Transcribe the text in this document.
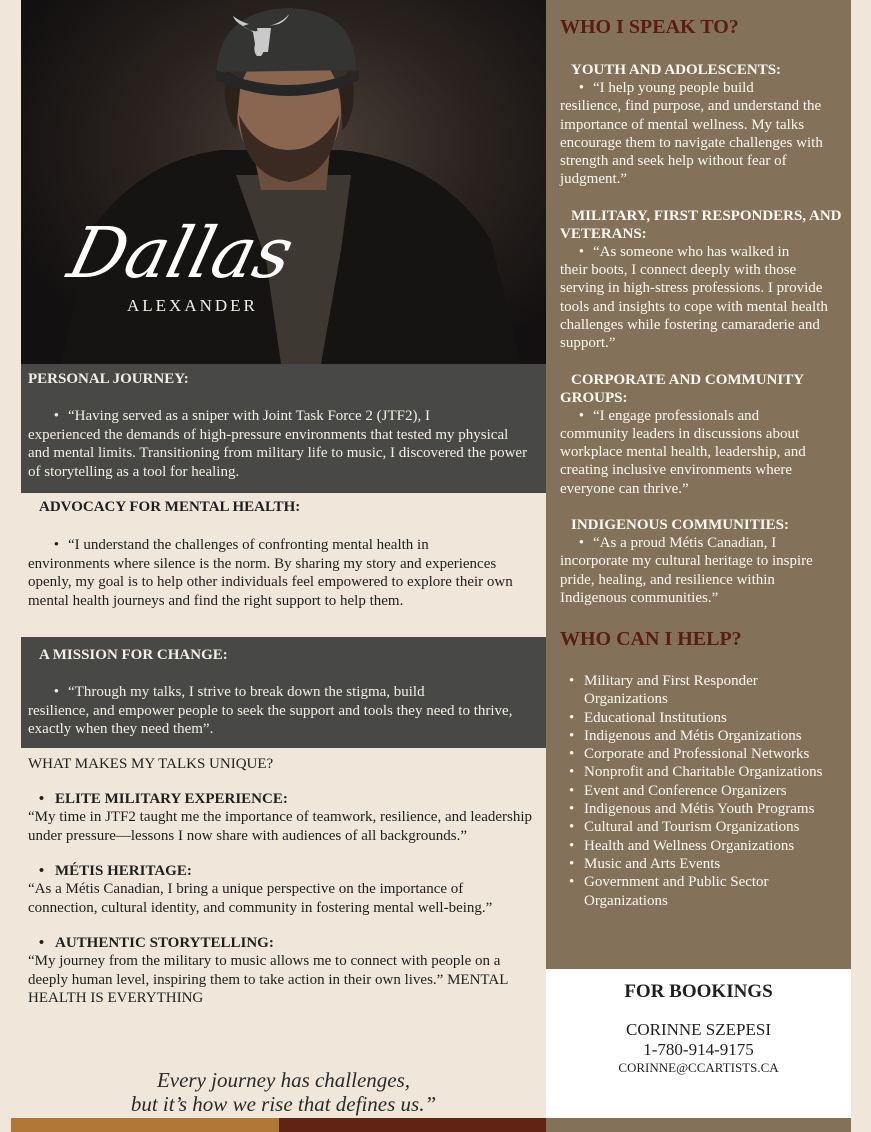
Dallas
ALEXANDER
PERSONAL JOURNEY:
• “Having served as a sniper with Joint Task Force 2 (JTF2), I
experienced the demands of high-pressure environments that tested my physical and mental limits. Transitioning from military life to music, I discovered the power of storytelling as a tool for healing.
ADVOCACY FOR MENTAL HEALTH:
• “I understand the challenges of confronting mental health in
environments where silence is the norm. By sharing my story and experiences openly, my goal is to help other individuals feel empowered to explore their own mental health journeys and find the right support to help them.
A MISSION FOR CHANGE:
• “Through my talks, I strive to break down the stigma, build
resilience, and empower people to seek the support and tools they need to thrive, exactly when they need them”.
WHAT MAKES MY TALKS UNIQUE?
• ELITE MILITARY EXPERIENCE:
“My time in JTF2 taught me the importance of teamwork, resilience, and leadership under pressure—lessons I now share with audiences of all backgrounds.”
• MÉTIS HERITAGE:
“As a Métis Canadian, I bring a unique perspective on the importance of connection, cultural identity, and community in fostering mental well-being.”
• AUTHENTIC STORYTELLING:
“My journey from the military to music allows me to connect with people on a deeply human level, inspiring them to take action in their own lives.” MENTAL HEALTH IS EVERYTHING
Every journey has challenges,
but it’s how we rise that defines us.”
WHO I SPEAK TO?
YOUTH AND ADOLESCENTS:
• “I help young people build
resilience, find purpose, and understand the importance of mental wellness. My talks encourage them to navigate challenges with strength and seek help without fear of judgment.”
MILITARY, FIRST RESPONDERS, AND VETERANS:
• “As someone who has walked in
their boots, I connect deeply with those serving in high-stress professions. I provide tools and insights to cope with mental health challenges while fostering camaraderie and support.”
CORPORATE AND COMMUNITY GROUPS:
• “I engage professionals and
community leaders in discussions about workplace mental health, leadership, and creating inclusive environments where everyone can thrive.”
INDIGENOUS COMMUNITIES:
• “As a proud Métis Canadian, I
incorporate my cultural heritage to inspire pride, healing, and resilience within Indigenous communities.”
WHO CAN I HELP?
• Military and First Responder Organizations
• Educational Institutions
• Indigenous and Métis Organizations
• Corporate and Professional Networks
• Nonprofit and Charitable Organizations
• Event and Conference Organizers
• Indigenous and Métis Youth Programs
• Cultural and Tourism Organizations
• Health and Wellness Organizations
• Music and Arts Events
• Government and Public Sector Organizations
FOR BOOKINGS
CORINNE SZEPESI
1-780-914-9175
CORINNE@CCARTISTS.CA
